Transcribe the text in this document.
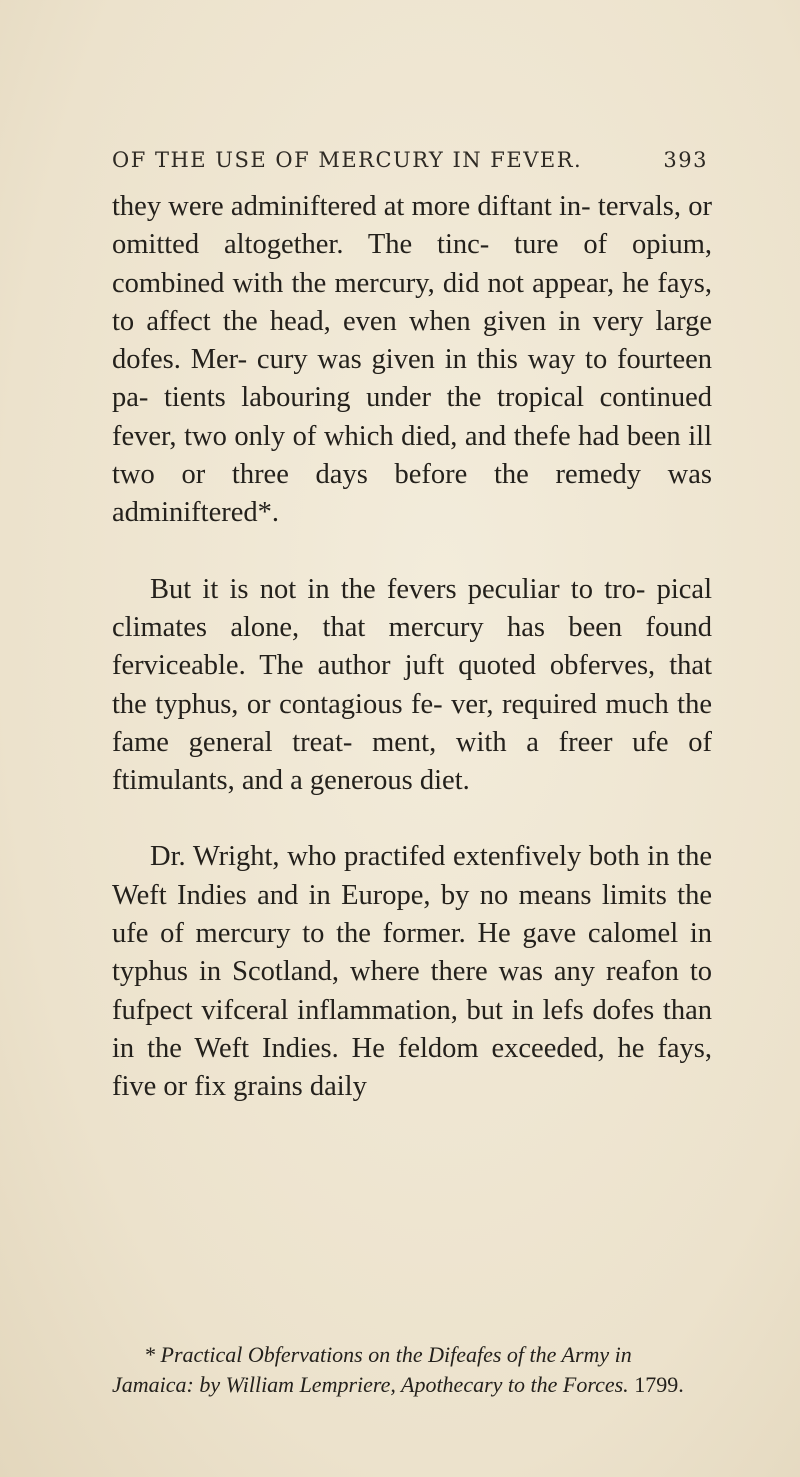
OF THE USE OF MERCURY IN FEVER.	393

they were adminiftered at more diftant in- tervals, or omitted altogether. The tinc- ture of opium, combined with the mercury, did not appear, he fays, to affect the head, even when given in very large dofes. Mer- cury was given in this way to fourteen pa- tients labouring under the tropical continued fever, two only of which died, and thefe had been ill two or three days before the remedy was adminiftered*.

But it is not in the fevers peculiar to tro- pical climates alone, that mercury has been found ferviceable. The author juft quoted obferves, that the typhus, or contagious fe- ver, required much the fame general treat- ment, with a freer ufe of ftimulants, and a generous diet.

Dr. Wright, who practifed extenfively both in the Weft Indies and in Europe, by no means limits the ufe of mercury to the former. He gave calomel in typhus in Scotland, where there was any reafon to fufpect vifceral inflammation, but in lefs dofes than in the Weft Indies. He feldom exceeded, he fays, five or fix grains daily

* Practical Obfervations on the Difeafes of the Army in Jamaica: by William Lempriere, Apothecary to the Forces. 1799.
